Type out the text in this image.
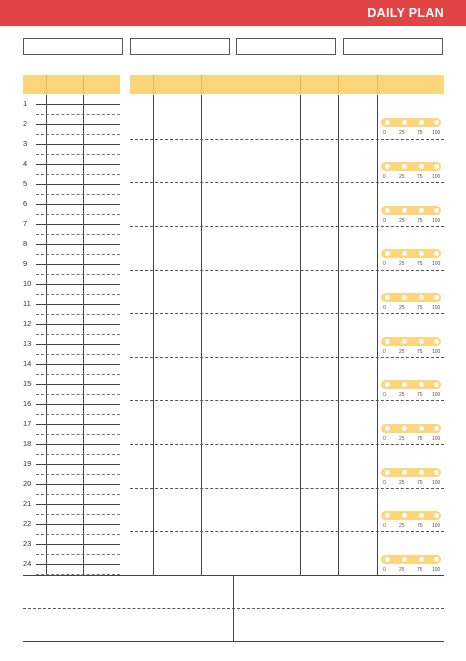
DAILY PLAN
1
2
3
4
5
6
7
8
9
10
11
12
13
14
15
16
17
18
19
20
21
22
23
24
0	25 75 100
0	25 75 100
0	25 75 100
0	25 75 100
0	25 75 100
0	25 75 100
0	25 75 100
0	25 75 100
0	25 75 100
0	25 75 100
0	25 75 100
